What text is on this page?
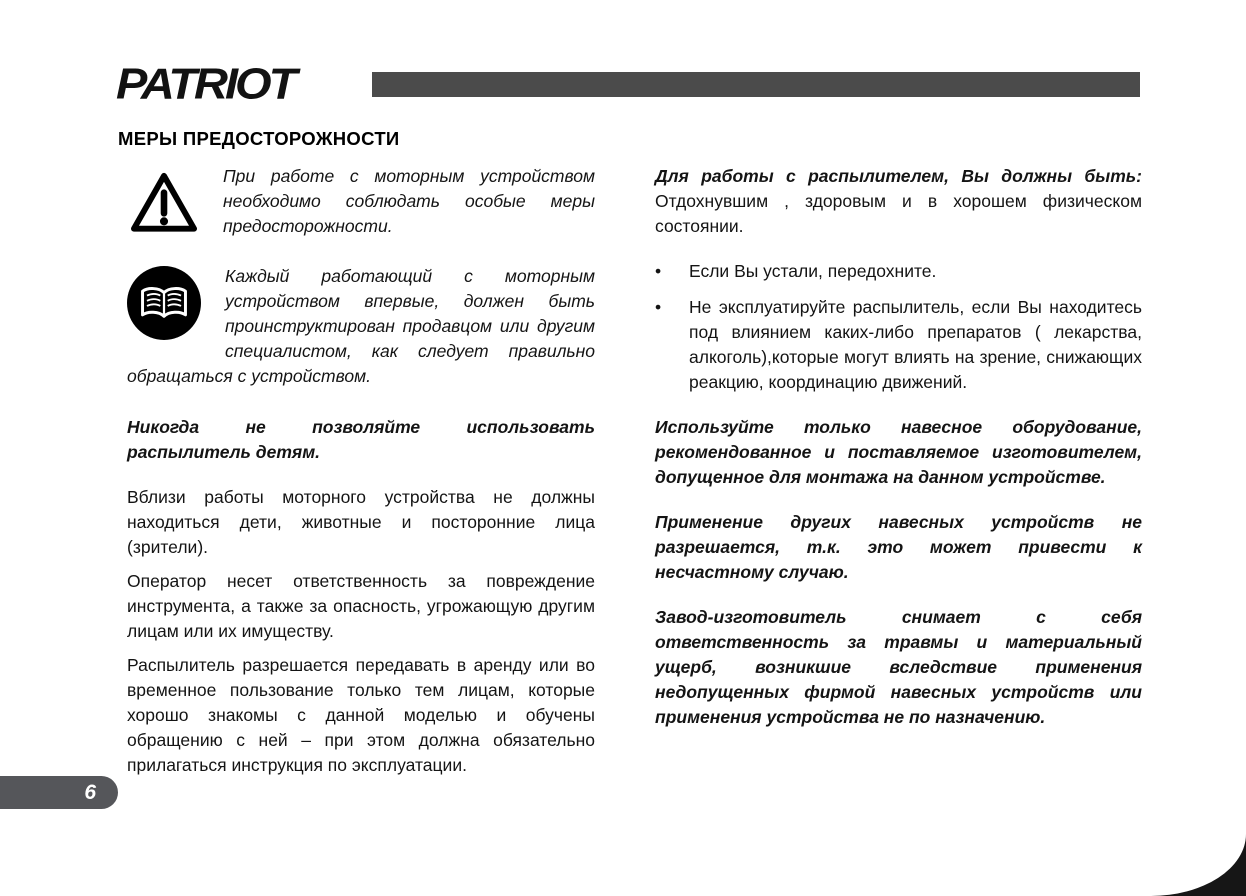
PATRIOT
МЕРЫ ПРЕДОСТОРОЖНОСТИ

При работе с моторным устройством необходимо соблюдать особые меры предосторожности.

Каждый работающий с моторным устройством впервые, должен быть проинструктирован продавцом или другим специалистом, как следует правильно обращаться с устройством.

Никогда не позволяйте использовать распылитель детям.

Вблизи работы моторного устройства не должны находиться дети, животные и посторонние лица (зрители).

Оператор несет ответственность за повреждение инструмента, а также за опасность, угрожающую другим лицам или их имуществу.

Распылитель разрешается передавать в аренду или во временное пользование только тем лицам, которые хорошо знакомы с данной моделью и обучены обращению с ней – при этом должна обязательно прилагаться инструкция по эксплуатации.

Для работы с распылителем, Вы должны быть: Отдохнувшим , здоровым и в хорошем физическом состоянии.

•	Если Вы устали, передохните.
•	Не эксплуатируйте распылитель, если Вы находитесь под влиянием каких-либо препаратов ( лекарства, алкоголь),которые могут влиять на зрение, снижающих реакцию, координацию движений.

Используйте только навесное оборудование, рекомендованное и поставляемое изготовителем, допущенное для монтажа на данном устройстве.

Применение других навесных устройств не разрешается, т.к. это может привести к несчастному случаю.

Завод-изготовитель снимает с себя ответственность за травмы и материальный ущерб, возникшие вследствие применения недопущенных фирмой навесных устройств или применения устройства не по назначению.

6
